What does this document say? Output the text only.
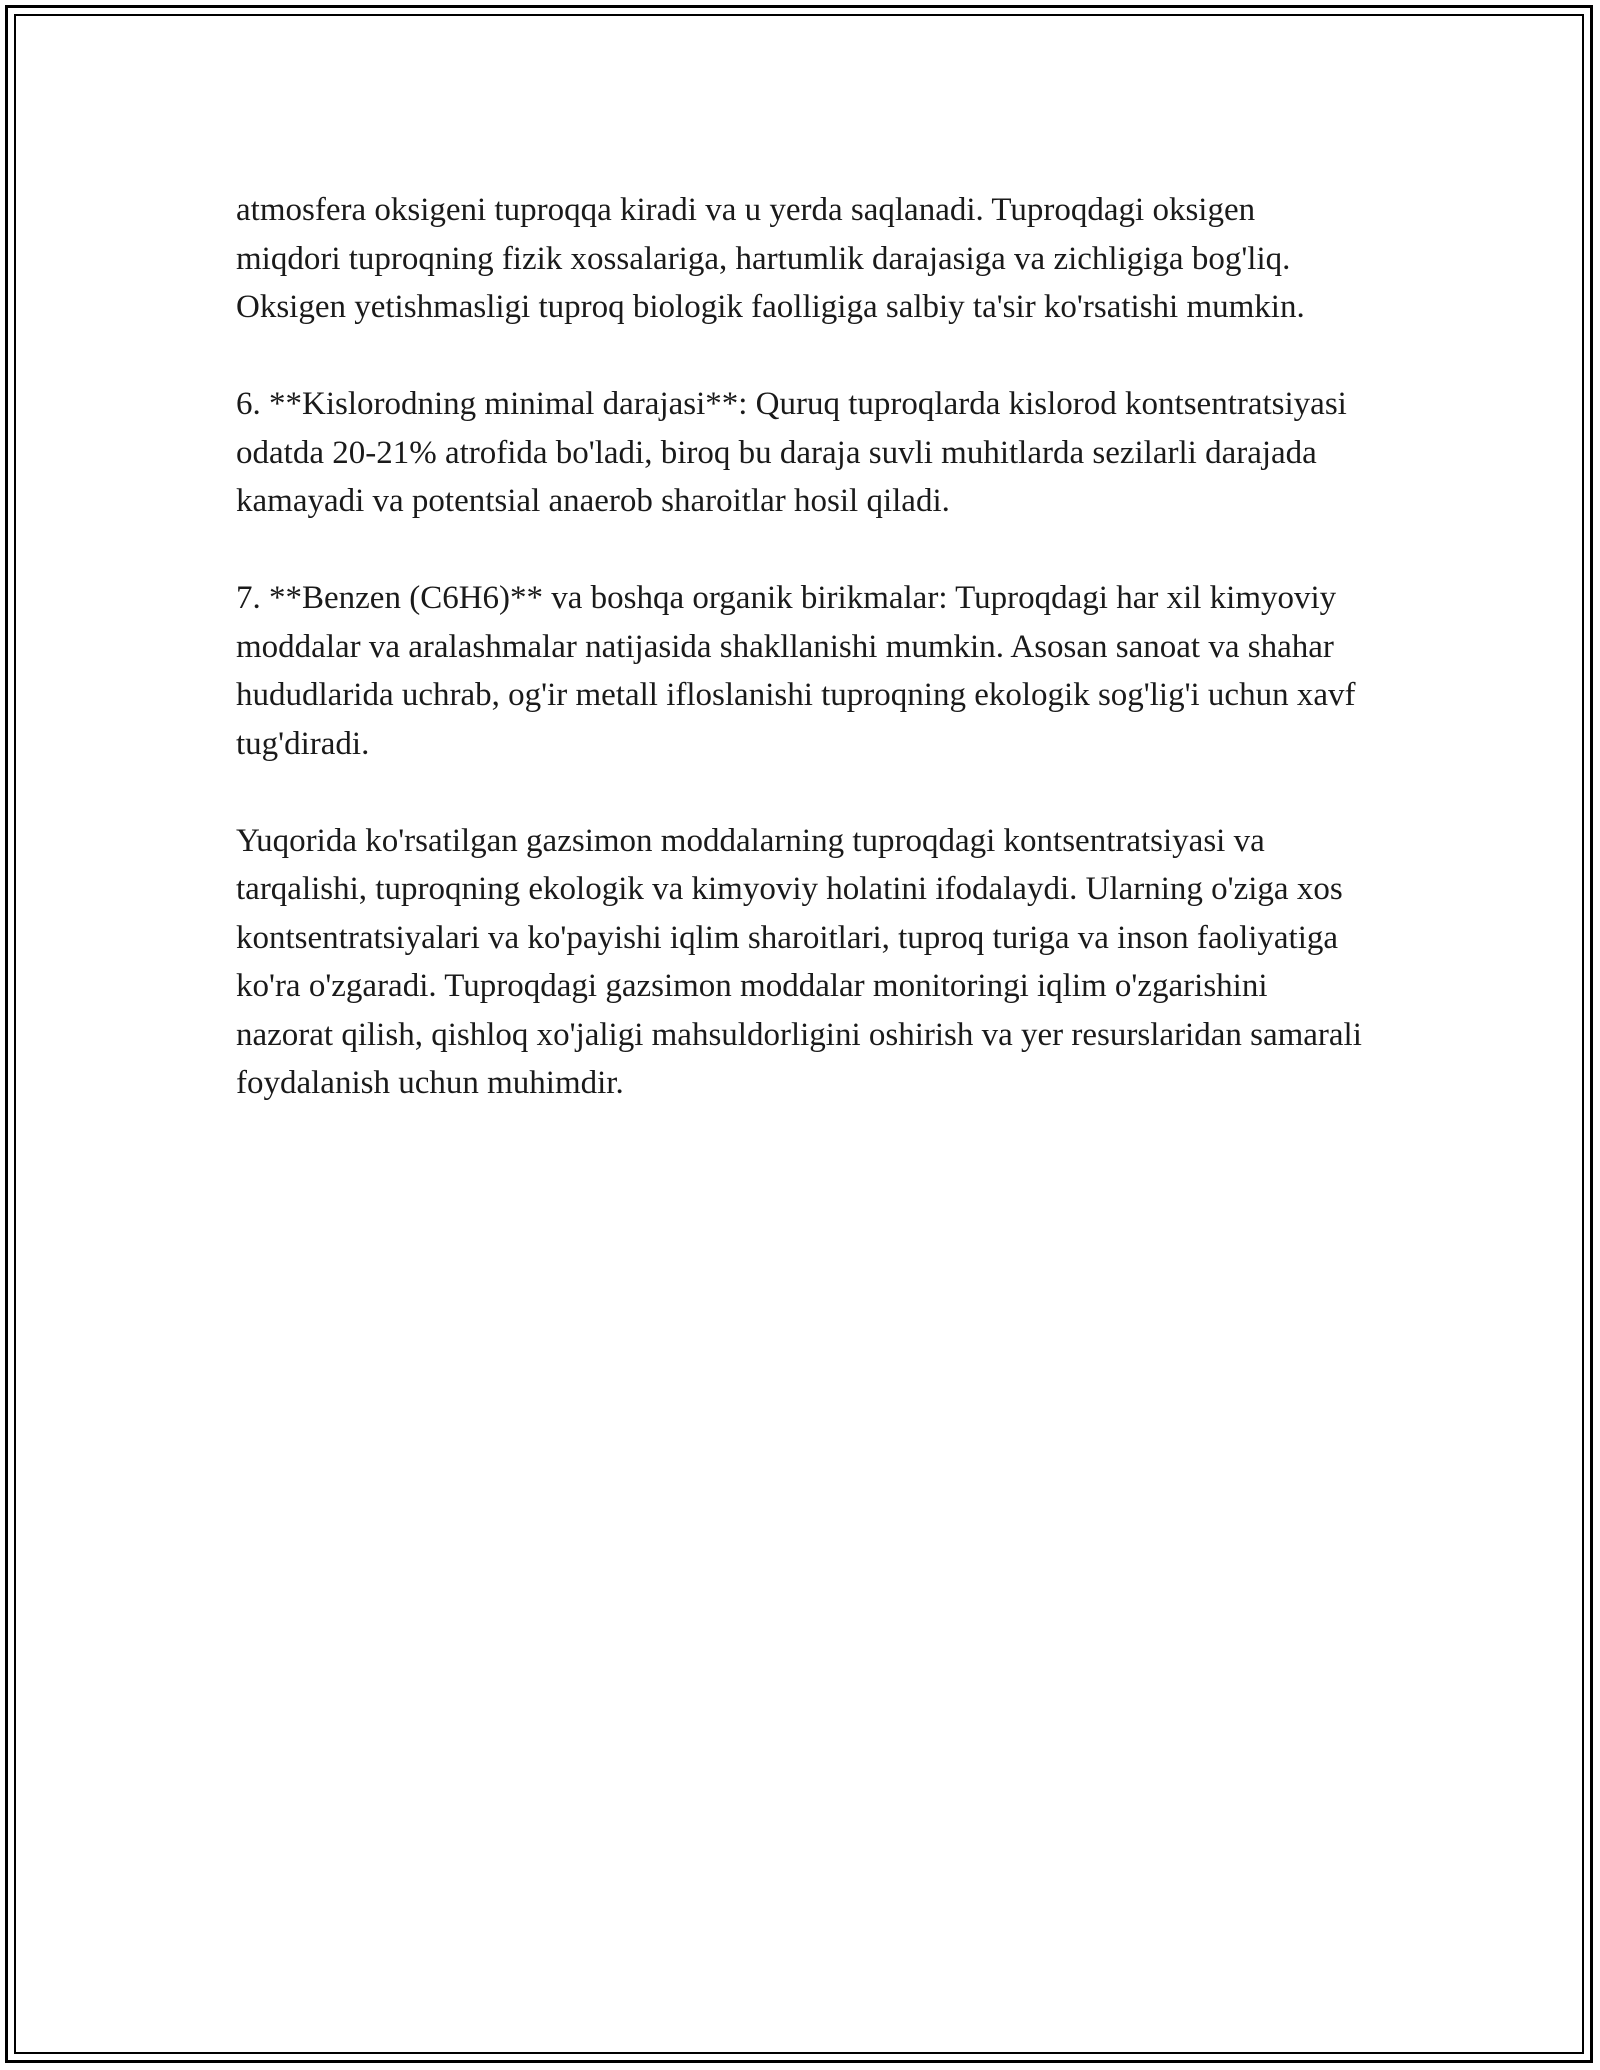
atmosfera oksigeni tuproqqa kiradi va u yerda saqlanadi. Tuproqdagi oksigen miqdori tuproqning fizik xossalariga, hartumlik darajasiga va zichligiga bog'liq. Oksigen yetishmasligi tuproq biologik faolligiga salbiy ta'sir ko'rsatishi mumkin.

6. **Kislorodning minimal darajasi**: Quruq tuproqlarda kislorod kontsentratsiyasi odatda 20-21% atrofida bo'ladi, biroq bu daraja suvli muhitlarda sezilarli darajada kamayadi va potentsial anaerob sharoitlar hosil qiladi.

7. **Benzen (C6H6)** va boshqa organik birikmalar: Tuproqdagi har xil kimyoviy moddalar va aralashmalar natijasida shakllanishi mumkin. Asosan sanoat va shahar hududlarida uchrab, og'ir metall ifloslanishi tuproqning ekologik sog'lig'i uchun xavf tug'diradi.

Yuqorida ko'rsatilgan gazsimon moddalarning tuproqdagi kontsentratsiyasi va tarqalishi, tuproqning ekologik va kimyoviy holatini ifodalaydi. Ularning o'ziga xos kontsentratsiyalari va ko'payishi iqlim sharoitlari, tuproq turiga va inson faoliyatiga ko'ra o'zgaradi. Tuproqdagi gazsimon moddalar monitoringi iqlim o'zgarishini nazorat qilish, qishloq xo'jaligi mahsuldorligini oshirish va yer resurslaridan samarali foydalanish uchun muhimdir.
